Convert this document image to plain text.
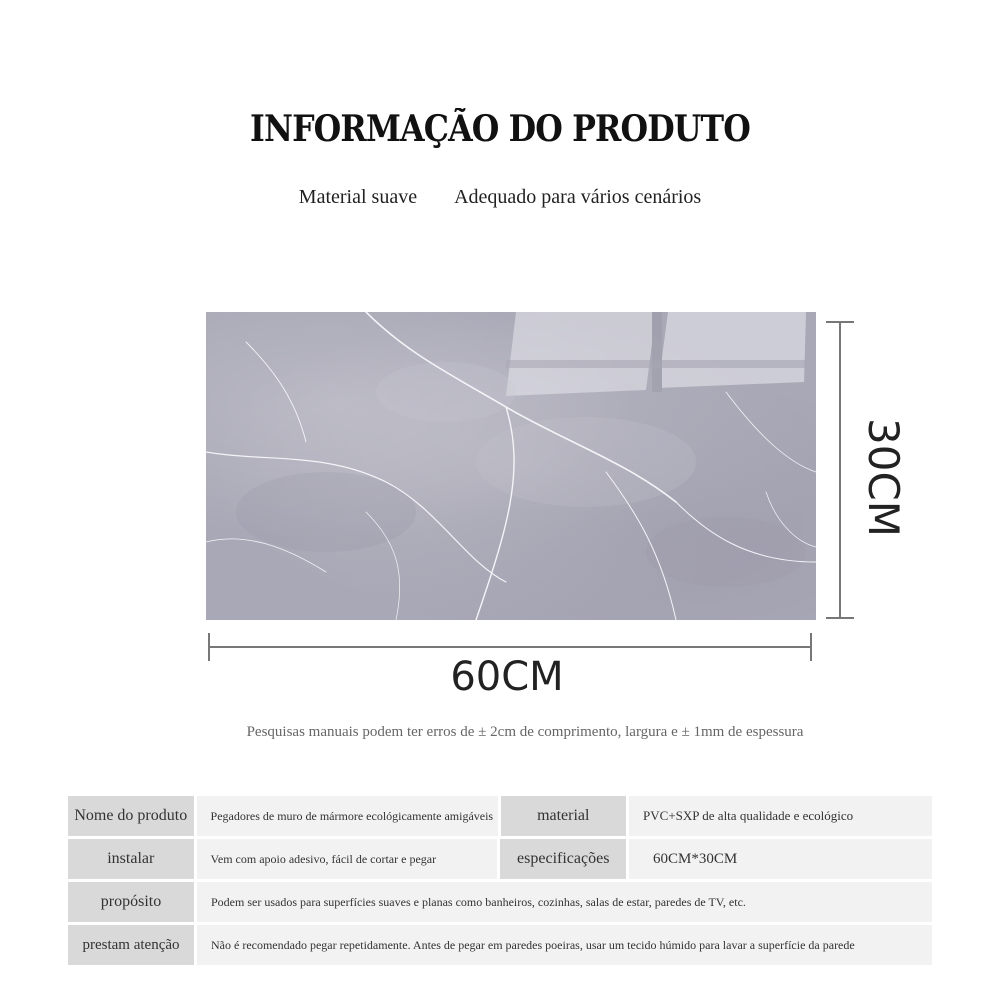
INFORMAÇÃO DO PRODUTO
Material suave Adequado para vários cenários
30CM
60CM
Pesquisas manuais podem ter erros de ± 2cm de comprimento, largura e ± 1mm de espessura
Nome do produto	Pegadores de muro de mármore ecológicamente amigáveis	material	PVC+SXP de alta qualidade e ecológico
instalar	Vem com apoio adesivo, fácil de cortar e pegar	especificações	60CM*30CM
propósito	Podem ser usados para superfícies suaves e planas como banheiros, cozinhas, salas de estar, paredes de TV, etc.
prestam atenção	Não é recomendado pegar repetidamente. Antes de pegar em paredes poeiras, usar um tecido húmido para lavar a superfície da parede
